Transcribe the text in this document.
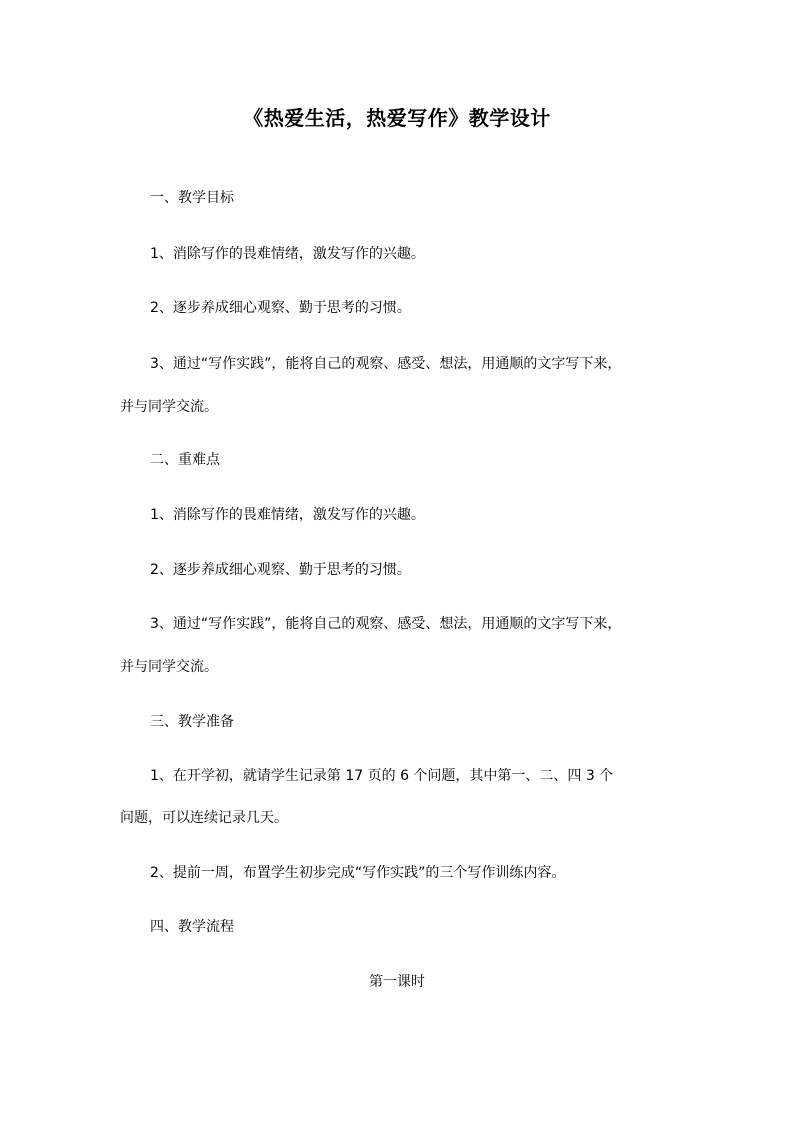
《热爱生活，热爱写作》教学设计
一、教学目标
1、消除写作的畏难情绪，激发写作的兴趣。
2、逐步养成细心观察、勤于思考的习惯。
3、通过“写作实践”，能将自己的观察、感受、想法，用通顺的文字写下来，
并与同学交流。
二、重难点
1、消除写作的畏难情绪，激发写作的兴趣。
2、逐步养成细心观察、勤于思考的习惯。
3、通过“写作实践”，能将自己的观察、感受、想法，用通顺的文字写下来，
并与同学交流。
三、教学准备
1、在开学初，就请学生记录第 17 页的 6 个问题，其中第一、二、四 3 个
问题，可以连续记录几天。
2、提前一周，布置学生初步完成“写作实践”的三个写作训练内容。
四、教学流程
第一课时
